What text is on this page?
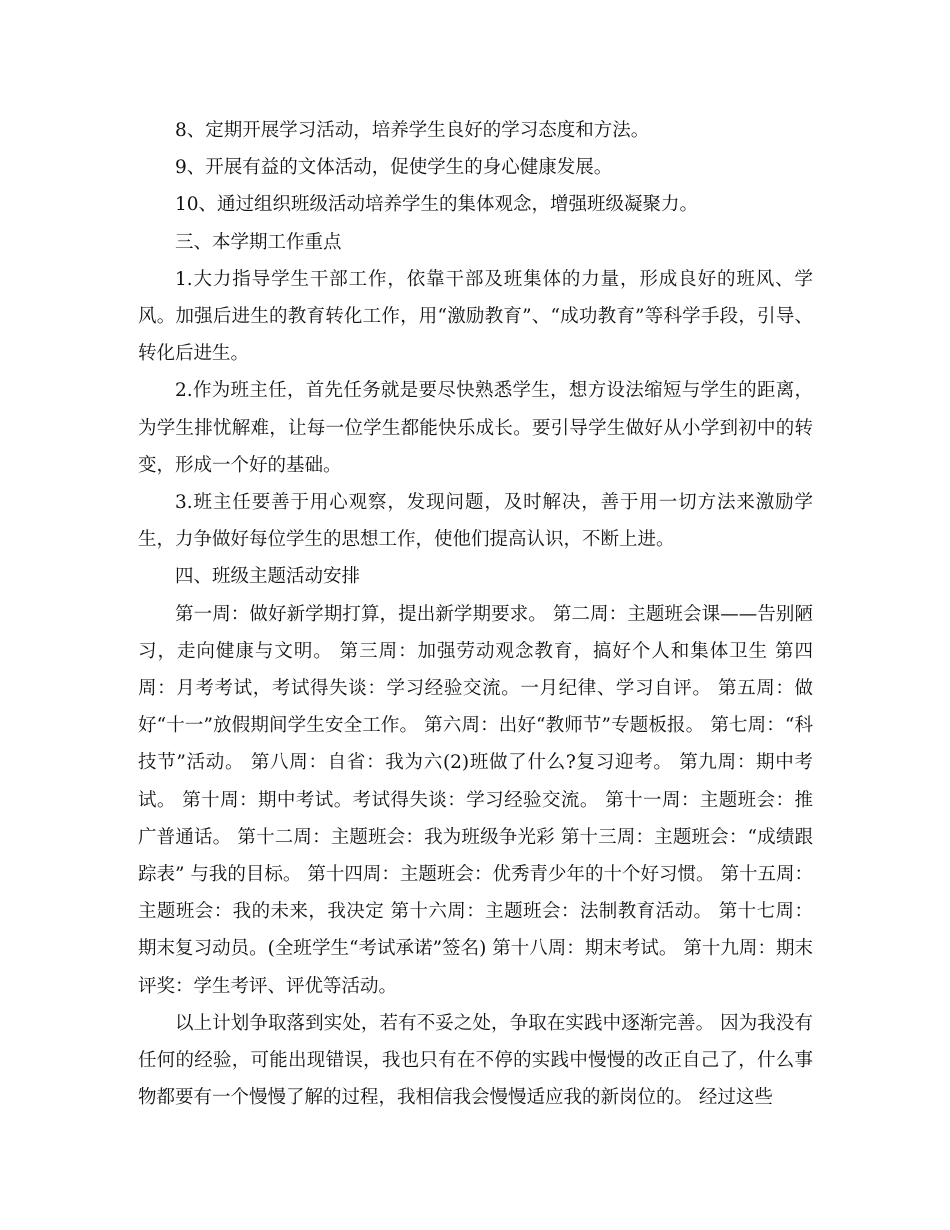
8、定期开展学习活动，培养学生良好的学习态度和方法。

9、开展有益的文体活动，促使学生的身心健康发展。

10、通过组织班级活动培养学生的集体观念，增强班级凝聚力。

三、本学期工作重点

1.大力指导学生干部工作，依靠干部及班集体的力量，形成良好的班风、学风。加强后进生的教育转化工作，用“激励教育”、“成功教育”等科学手段，引导、转化后进生。

2.作为班主任，首先任务就是要尽快熟悉学生，想方设法缩短与学生的距离，为学生排忧解难，让每一位学生都能快乐成长。要引导学生做好从小学到初中的转变，形成一个好的基础。

3.班主任要善于用心观察，发现问题，及时解决，善于用一切方法来激励学生，力争做好每位学生的思想工作，使他们提高认识，不断上进。

四、班级主题活动安排

第一周：做好新学期打算，提出新学期要求。 第二周：主题班会课——告别陋习，走向健康与文明。 第三周：加强劳动观念教育，搞好个人和集体卫生 第四周：月考考试，考试得失谈：学习经验交流。一月纪律、学习自评。 第五周：做好“十一”放假期间学生安全工作。 第六周：出好“教师节”专题板报。 第七周：“科技节”活动。 第八周：自省：我为六(2)班做了什么?复习迎考。 第九周：期中考试。 第十周：期中考试。考试得失谈：学习经验交流。 第十一周：主题班会：推广普通话。 第十二周：主题班会：我为班级争光彩 第十三周：主题班会：“成绩跟踪表” 与我的目标。 第十四周：主题班会：优秀青少年的十个好习惯。 第十五周：主题班会：我的未来，我决定 第十六周：主题班会：法制教育活动。 第十七周：期末复习动员。(全班学生“考试承诺”签名) 第十八周：期末考试。 第十九周：期末评奖：学生考评、评优等活动。

以上计划争取落到实处，若有不妥之处，争取在实践中逐渐完善。 因为我没有任何的经验，可能出现错误，我也只有在不停的实践中慢慢的改正自己了，什么事物都要有一个慢慢了解的过程，我相信我会慢慢适应我的新岗位的。 经过这些
